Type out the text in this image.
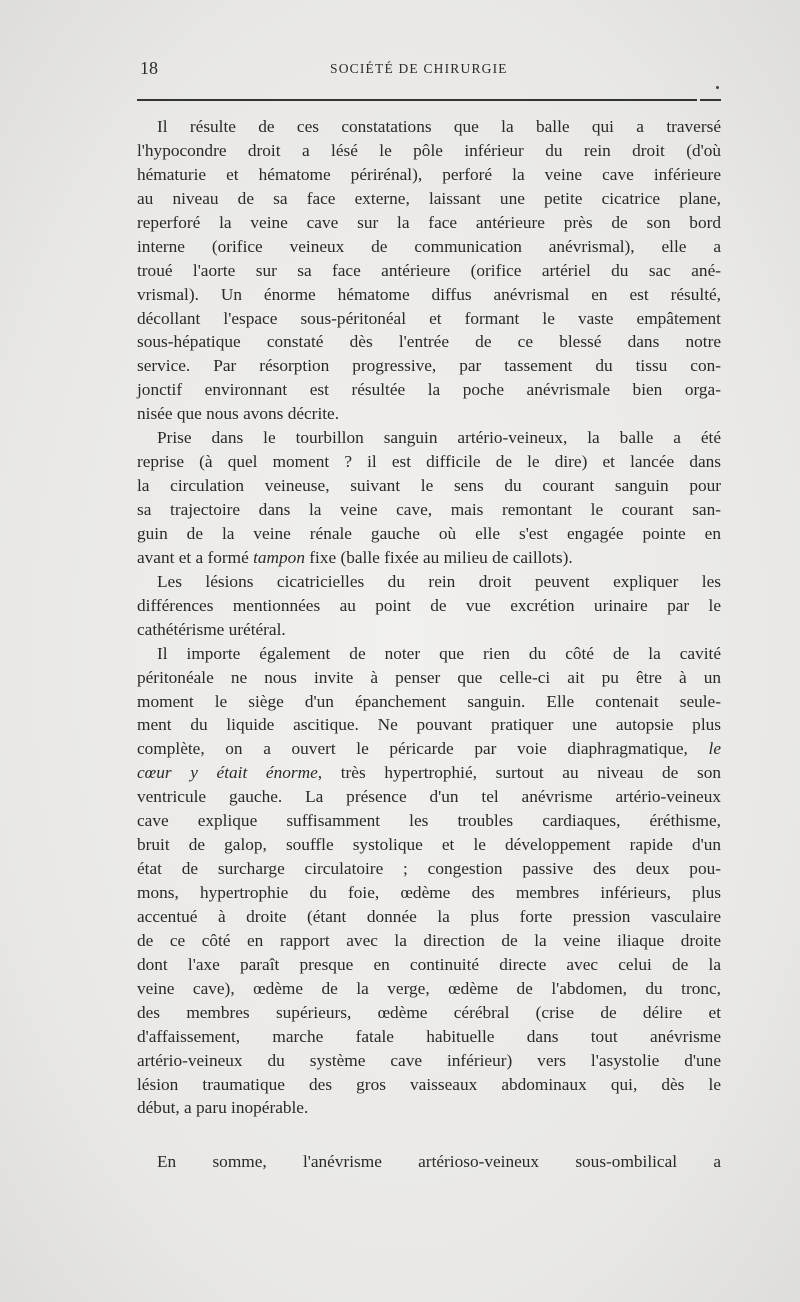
18	SOCIÉTÉ DE CHIRURGIE
Il résulte de ces constatations que la balle qui a traversé
l'hypocondre droit a lésé le pôle inférieur du rein droit (d'où
hématurie et hématome périrénal), perforé la veine cave inférieure
au niveau de sa face externe, laissant une petite cicatrice plane,
reperforé la veine cave sur la face antérieure près de son bord
interne (orifice veineux de communication anévrismal), elle a
troué l'aorte sur sa face antérieure (orifice artériel du sac ané-
vrismal). Un énorme hématome diffus anévrismal en est résulté,
décollant l'espace sous-péritonéal et formant le vaste empâtement
sous-hépatique constaté dès l'entrée de ce blessé dans notre
service. Par résorption progressive, par tassement du tissu con-
jonctif environnant est résultée la poche anévrismale bien orga-
nisée que nous avons décrite.
Prise dans le tourbillon sanguin artério-veineux, la balle a été
reprise (à quel moment ? il est difficile de le dire) et lancée dans
la circulation veineuse, suivant le sens du courant sanguin pour
sa trajectoire dans la veine cave, mais remontant le courant san-
guin de la veine rénale gauche où elle s'est engagée pointe en
avant et a formé tampon fixe (balle fixée au milieu de caillots).
Les lésions cicatricielles du rein droit peuvent expliquer les
différences mentionnées au point de vue excrétion urinaire par le
cathétérisme urétéral.
Il importe également de noter que rien du côté de la cavité
péritonéale ne nous invite à penser que celle-ci ait pu être à un
moment le siège d'un épanchement sanguin. Elle contenait seule-
ment du liquide ascitique. Ne pouvant pratiquer une autopsie plus
complète, on a ouvert le péricarde par voie diaphragmatique, le
cœur y était énorme, très hypertrophié, surtout au niveau de son
ventricule gauche. La présence d'un tel anévrisme artério-veineux
cave explique suffisamment les troubles cardiaques, éréthisme,
bruit de galop, souffle systolique et le développement rapide d'un
état de surcharge circulatoire ; congestion passive des deux pou-
mons, hypertrophie du foie, œdème des membres inférieurs, plus
accentué à droite (étant donnée la plus forte pression vasculaire
de ce côté en rapport avec la direction de la veine iliaque droite
dont l'axe paraît presque en continuité directe avec celui de la
veine cave), œdème de la verge, œdème de l'abdomen, du tronc,
des membres supérieurs, œdème cérébral (crise de délire et
d'affaissement, marche fatale habituelle dans tout anévrisme
artério-veineux du système cave inférieur) vers l'asystolie d'une
lésion traumatique des gros vaisseaux abdominaux qui, dès le
début, a paru inopérable.
En somme, l'anévrisme artérioso-veineux sous-ombilical a
